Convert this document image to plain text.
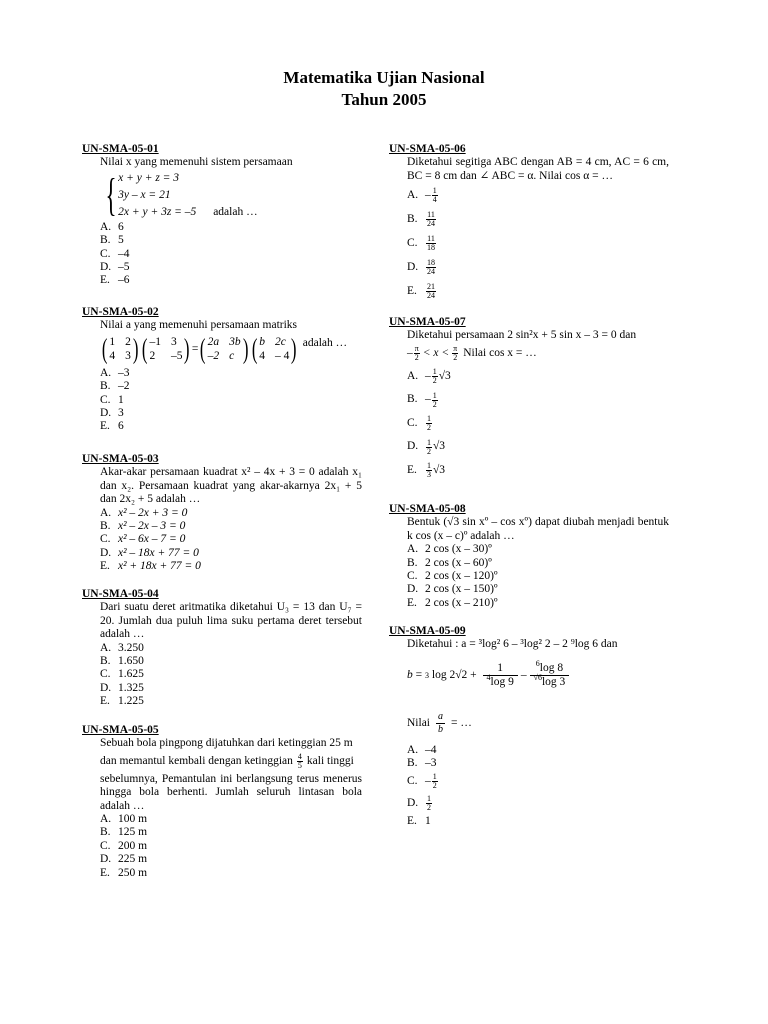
Matematika Ujian Nasional
Tahun 2005
UN-SMA-05-01
Nilai x yang memenuhi sistem persamaan
{ x + y + z = 3
3y – x = 21
2x + y + 3z = –5 adalah …
A. 6
B. 5
C. –4
D. –5
E. –6
UN-SMA-05-02
Nilai a yang memenuhi persamaan matriks
( 1 2
4 3 ) ( –1 3
2	–5 ) = ( 2a 3b
–2 c ) ( b 2c
4 – 4 ) adalah …
A. –3
B. –2
C. 1
D. 3
E. 6
UN-SMA-05-03
Akar-akar persamaan kuadrat x² – 4x + 3 = 0 adalah x₁ dan x₂. Persamaan kuadrat yang akar-akarnya 2x₁ + 5 dan 2x₂ + 5 adalah …
A. x² – 2x + 3 = 0
B. x² – 2x – 3 = 0
C. x² – 6x – 7 = 0
D. x² – 18x + 77 = 0
E. x² + 18x + 77 = 0
UN-SMA-05-04
Dari suatu deret aritmatika diketahui U₃ = 13 dan U₇ = 20. Jumlah dua puluh lima suku pertama deret tersebut adalah …
A. 3.250
B. 1.650
C. 1.625
D. 1.325
E. 1.225
UN-SMA-05-05
Sebuah bola pingpong dijatuhkan dari ketinggian 25 m
dan memantul kembali dengan ketinggian $\frac{4}{5}$ kali tinggi
sebelumnya, Pemantulan ini berlangsung terus menerus hingga bola berhenti. Jumlah seluruh lintasan bola adalah …
A. 100 m
B. 125 m
C. 200 m
D. 225 m
E. 250 m
UN-SMA-05-06
Diketahui segitiga ABC dengan AB = 4 cm, AC = 6 cm, BC = 8 cm dan ∠ ABC = α. Nilai cos α = …
A. – $\frac{1}{4}$
B.	$\frac{11}{24}$
C.	$\frac{11}{18}$
D. $\frac{18}{24}$
E.	$\frac{21}{24}$
UN-SMA-05-07
Diketahui persamaan 2 sin²x + 5 sin x – 3 = 0 dan
– $\frac{\pi}{2} < x < \frac{\pi}{2}$ Nilai cos x = …
A. – $\frac{1}{2} √3$
B. – $\frac{1}{2}$
C.	$\frac{1}{2}$
D. $\frac{1}{2} √3$
E.	$\frac{1}{3} √3$
UN-SMA-05-08
Bentuk (√3 sin xº – cos xº) dapat diubah menjadi bentuk k cos (x – c)º adalah …
A. 2 cos (x – 30)º
B. 2 cos (x – 60)º
C. 2 cos (x – 120)º
D. 2 cos (x – 150)º
E. 2 cos (x – 210)º
UN-SMA-05-09
Diketahui : a = ³log² 6 – ³log² 2 – 2 ⁹log 6 dan
b = 3 log 2√2 +
1
$^4$log 9
–
$^6$log 8
$^{√6}$log 3
Nilai $\frac{a}{b}$ = …
A. –4
B. –3
C. – $\frac{1}{2}$
D. $\frac{1}{2}$
E. 1
